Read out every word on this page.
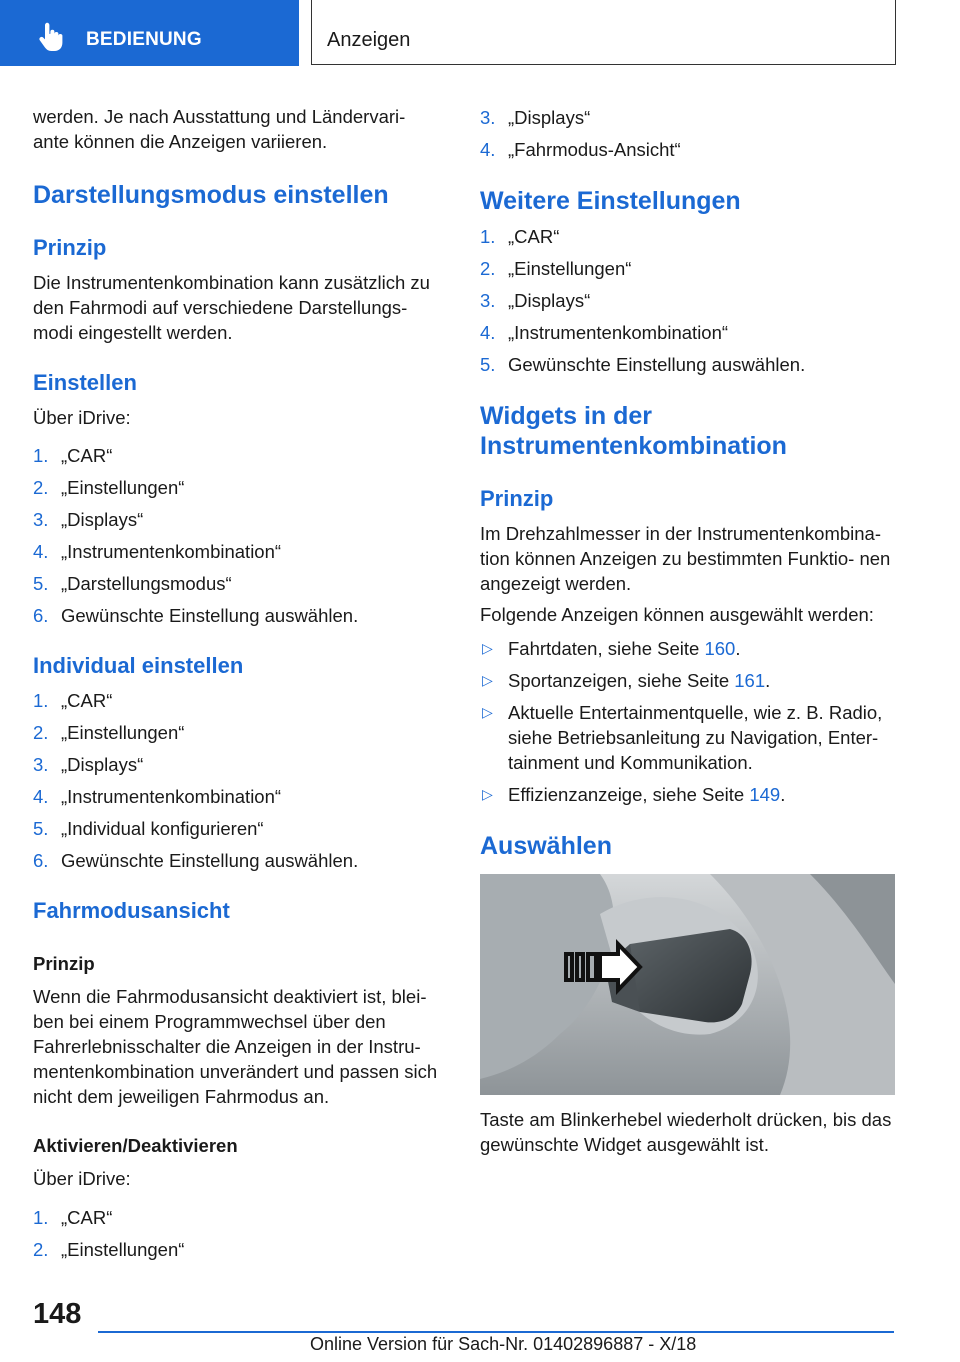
BEDIENUNG	Anzeigen

werden. Je nach Ausstattung und Ländervari- ante können die Anzeigen variieren.

Darstellungsmodus einstellen

Prinzip

Die Instrumentenkombination kann zusätzlich zu den Fahrmodi auf verschiedene Darstellungs- modi eingestellt werden.

Einstellen

Über iDrive:

1. „CAR“
2. „Einstellungen“
3. „Displays“
4. „Instrumentenkombination“
5. „Darstellungsmodus“
6. Gewünschte Einstellung auswählen.

Individual einstellen

1. „CAR“
2. „Einstellungen“
3. „Displays“
4. „Instrumentenkombination“
5. „Individual konfigurieren“
6. Gewünschte Einstellung auswählen.

Fahrmodusansicht

Prinzip

Wenn die Fahrmodusansicht deaktiviert ist, blei- ben bei einem Programmwechsel über den Fahrerlebnisschalter die Anzeigen in der Instru- mentenkombination unverändert und passen sich nicht dem jeweiligen Fahrmodus an.

Aktivieren/Deaktivieren

Über iDrive:

1. „CAR“
2. „Einstellungen“
3. „Displays“
4. „Fahrmodus-Ansicht“

Weitere Einstellungen

1. „CAR“
2. „Einstellungen“
3. „Displays“
4. „Instrumentenkombination“
5. Gewünschte Einstellung auswählen.

Widgets in der

Instrumentenkombination

Prinzip

Im Drehzahlmesser in der Instrumentenkombina- tion können Anzeigen zu bestimmten Funktio- nen angezeigt werden.

Folgende Anzeigen können ausgewählt werden:

▷ Fahrtdaten, siehe Seite 160.
▷ Sportanzeigen, siehe Seite 161.
▷ Aktuelle Entertainmentquelle, wie z. B. Radio, siehe Betriebsanleitung zu Navigation, Enter- tainment und Kommunikation.
▷ Effizienzanzeige, siehe Seite 149.

Auswählen

Taste am Blinkerhebel wiederholt drücken, bis das gewünschte Widget ausgewählt ist.

148
Online Version für Sach-Nr. 01402896887 - X/18
